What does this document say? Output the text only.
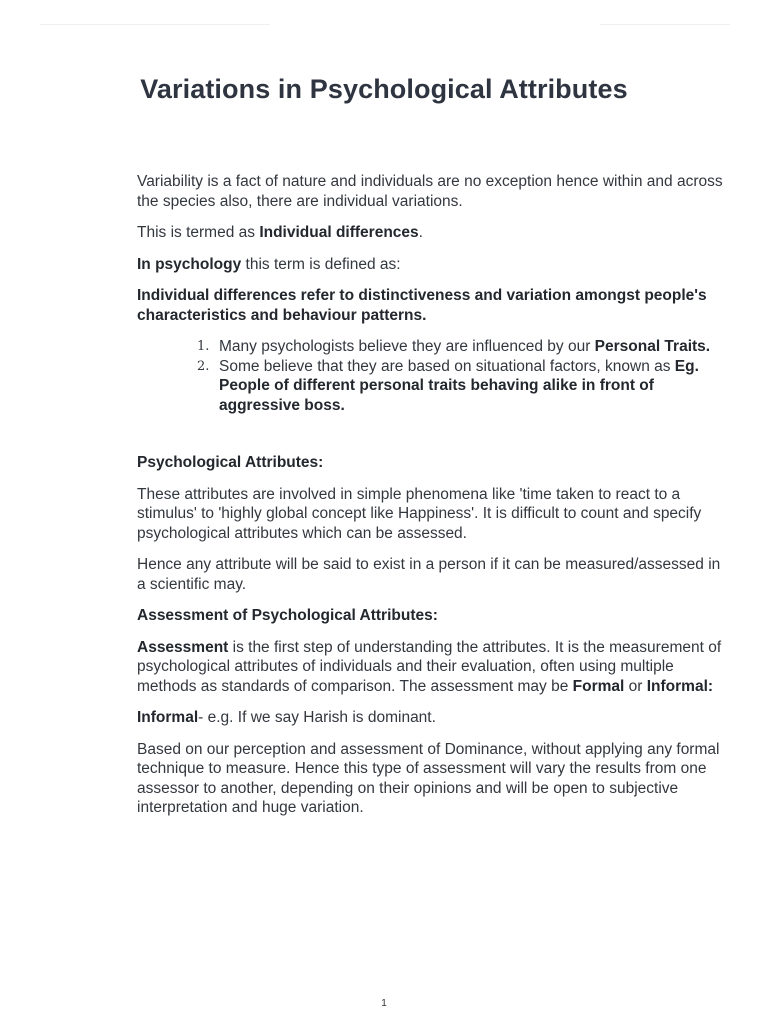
Variations in Psychological Attributes

Variability is a fact of nature and individuals are no exception hence within and across the species also, there are individual variations.

This is termed as Individual differences.

In psychology this term is defined as:

Individual differences refer to distinctiveness and variation amongst people's characteristics and behaviour patterns.

1. Many psychologists believe they are influenced by our Personal Traits.
2. Some believe that they are based on situational factors, known as Eg. People of different personal traits behaving alike in front of aggressive boss.

Psychological Attributes:

These attributes are involved in simple phenomena like 'time taken to react to a stimulus' to 'highly global concept like Happiness'. It is difficult to count and specify psychological attributes which can be assessed.

Hence any attribute will be said to exist in a person if it can be measured/assessed in a scientific may.

Assessment of Psychological Attributes:

Assessment is the first step of understanding the attributes. It is the measurement of psychological attributes of individuals and their evaluation, often using multiple methods as standards of comparison. The assessment may be Formal or Informal:

Informal- e.g. If we say Harish is dominant.

Based on our perception and assessment of Dominance, without applying any formal technique to measure. Hence this type of assessment will vary the results from one assessor to another, depending on their opinions and will be open to subjective interpretation and huge variation.

1
